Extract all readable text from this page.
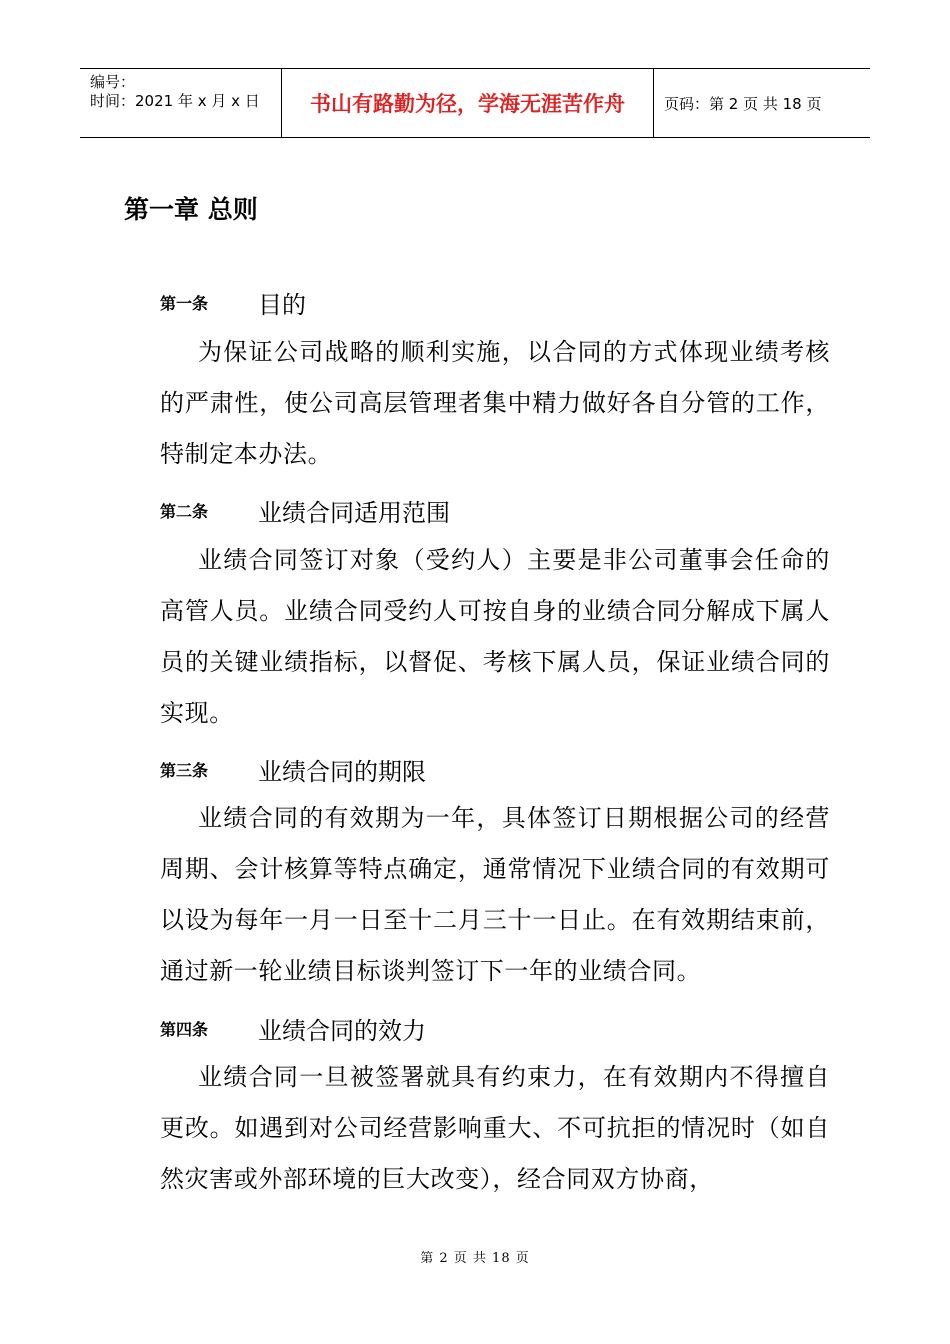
编号：
时间：2021 年 x 月 x 日	书山有路勤为径，学海无涯苦作舟	页码：第 2 页 共 18 页
第一章 总则
第一条	目的

为保证公司战略的顺利实施，以合同的方式体现业绩考核的严肃性，使公司高层管理者集中精力做好各自分管的工作，特制定本办法。

第二条	业绩合同适用范围

业绩合同签订对象（受约人）主要是非公司董事会任命的高管人员。业绩合同受约人可按自身的业绩合同分解成下属人员的关键业绩指标，以督促、考核下属人员，保证业绩合同的实现。

第三条	业绩合同的期限

业绩合同的有效期为一年，具体签订日期根据公司的经营周期、会计核算等特点确定，通常情况下业绩合同的有效期可以设为每年一月一日至十二月三十一日止。在有效期结束前，通过新一轮业绩目标谈判签订下一年的业绩合同。

第四条	业绩合同的效力

业绩合同一旦被签署就具有约束力，在有效期内不得擅自更改。如遇到对公司经营影响重大、不可抗拒的情况时（如自然灾害或外部环境的巨大改变），经合同双方协商，

第 2 页 共 18 页
